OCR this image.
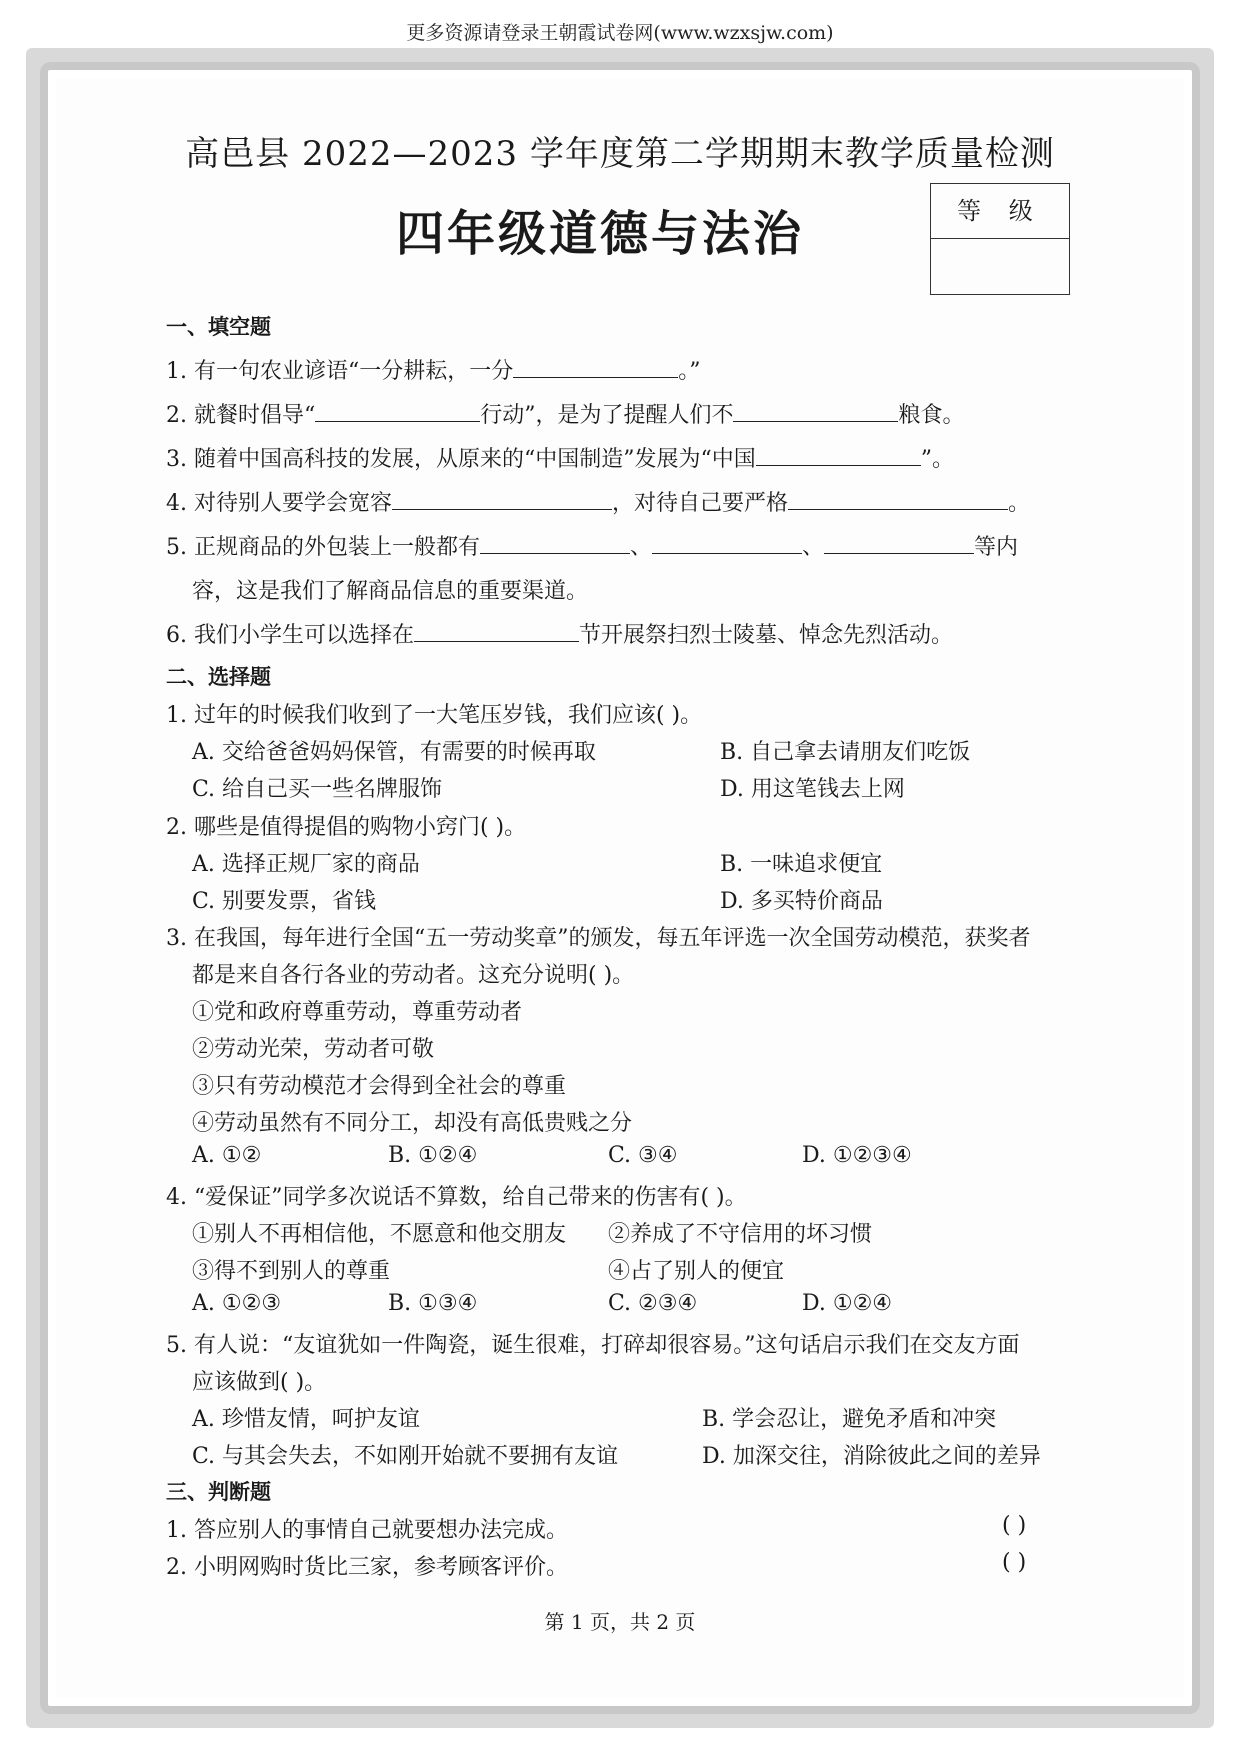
更多资源请登录王朝霞试卷网(www.wzxsjw.com)
高邑县 2022—2023 学年度第二学期期末教学质量检测
四年级道德与法治	等 级
一、填空题
1. 有一句农业谚语“一分耕耘，一分	。”
2. 就餐时倡导“	行动”，是为了提醒人们不	粮食。
3. 随着中国高科技的发展，从原来的“中国制造”发展为“中国	”。
4. 对待别人要学会宽容	，对待自己要严格	。
5. 正规商品的外包装上一般都有	、	、	等内
容，这是我们了解商品信息的重要渠道。
6. 我们小学生可以选择在	节开展祭扫烈士陵墓、悼念先烈活动。
二、选择题
1. 过年的时候我们收到了一大笔压岁钱，我们应该( )。
A. 交给爸爸妈妈保管，有需要的时候再取	B. 自己拿去请朋友们吃饭
C. 给自己买一些名牌服饰	D. 用这笔钱去上网
2. 哪些是值得提倡的购物小窍门( )。
A. 选择正规厂家的商品	B. 一味追求便宜
C. 别要发票，省钱	D. 多买特价商品
3. 在我国，每年进行全国“五一劳动奖章”的颁发，每五年评选一次全国劳动模范，获奖者
都是来自各行各业的劳动者。这充分说明( )。
①党和政府尊重劳动，尊重劳动者
②劳动光荣，劳动者可敬
③只有劳动模范才会得到全社会的尊重
④劳动虽然有不同分工，却没有高低贵贱之分
A. ①②	B. ①②④	C. ③④	D. ①②③④
4. “爱保证”同学多次说话不算数，给自己带来的伤害有( )。
①别人不再相信他，不愿意和他交朋友 ②养成了不守信用的坏习惯
③得不到别人的尊重	④占了别人的便宜
A. ①②③	B. ①③④	C. ②③④	D. ①②④
5. 有人说：“友谊犹如一件陶瓷，诞生很难，打碎却很容易。”这句话启示我们在交友方面
应该做到( )。
A. 珍惜友情，呵护友谊	B. 学会忍让，避免矛盾和冲突
C. 与其会失去，不如刚开始就不要拥有友谊	D. 加深交往，消除彼此之间的差异
三、判断题
1. 答应别人的事情自己就要想办法完成。	( )
2. 小明网购时货比三家，参考顾客评价。	( )
第 1 页，共 2 页
